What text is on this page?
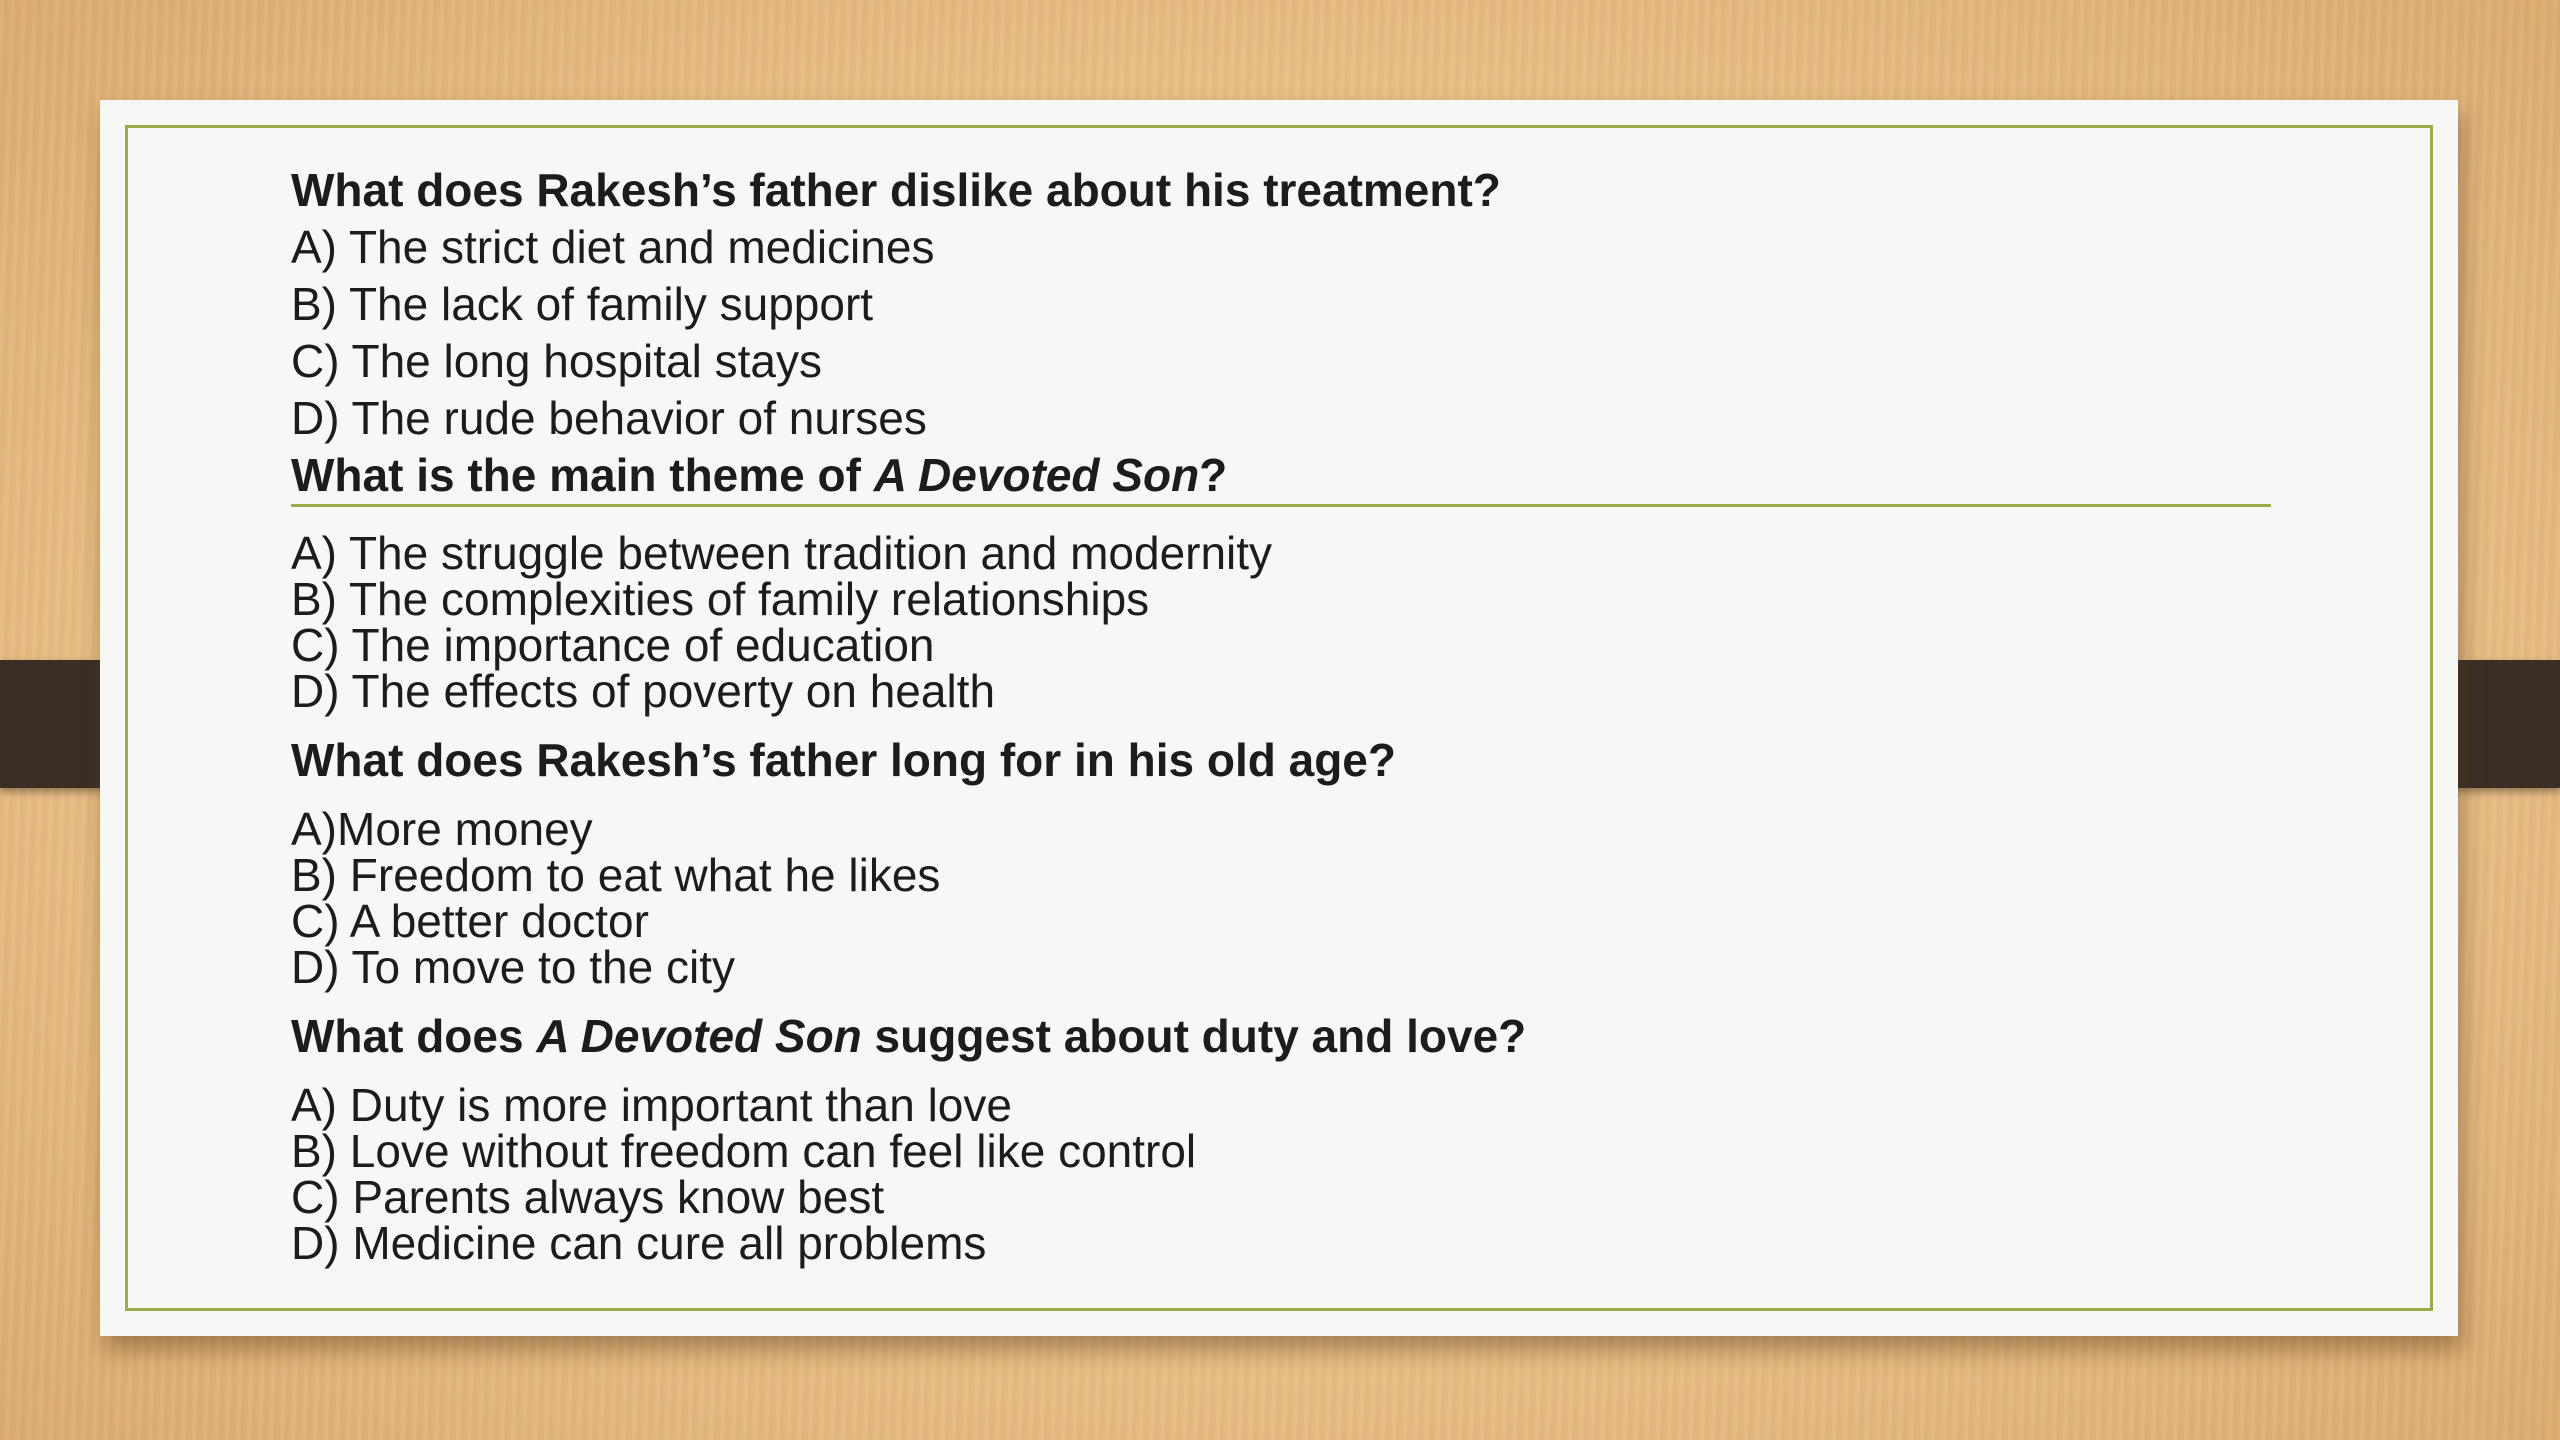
What does Rakesh’s father dislike about his treatment?
A) The strict diet and medicines
B) The lack of family support
C) The long hospital stays
D) The rude behavior of nurses
What is the main theme of A Devoted Son?
A) The struggle between tradition and modernity
B) The complexities of family relationships
C) The importance of education
D) The effects of poverty on health
What does Rakesh’s father long for in his old age?
A)More money
B) Freedom to eat what he likes
C) A better doctor
D) To move to the city
What does A Devoted Son suggest about duty and love?
A) Duty is more important than love
B) Love without freedom can feel like control
C) Parents always know best
D) Medicine can cure all problems
